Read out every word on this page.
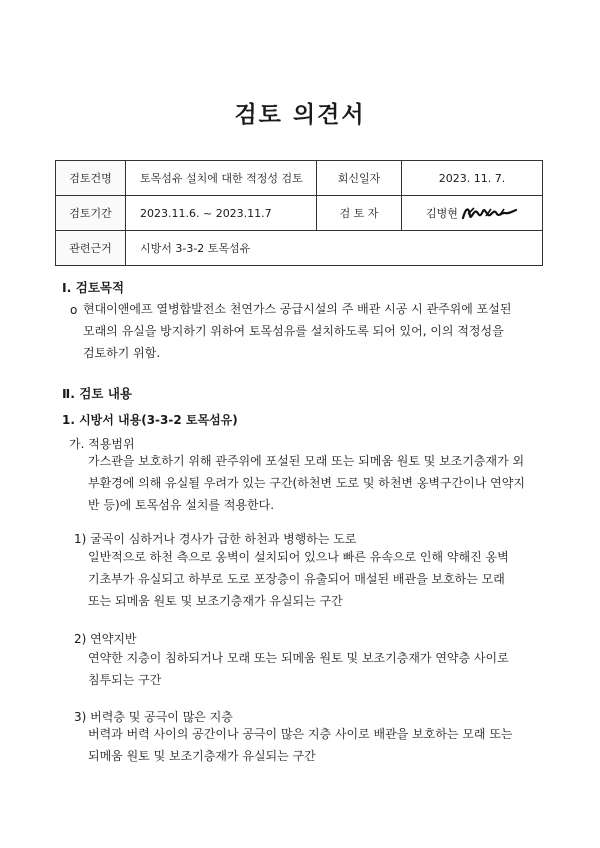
검토 의견서
검토건명	토목섬유 설치에 대한 적정성 검토	회신일자	2023. 11. 7.
검토기간	2023.11.6. ~ 2023.11.7	검 토 자	김병현

관련근거	시방서 3-3-2 토목섬유		
Ⅰ. 검토목적
o 현대이앤에프 열병합발전소 천연가스 공급시설의 주 배관 시공 시 관주위에 포설된
모래의 유실을 방지하기 위하여 토목섬유를 설치하도록 되어 있어, 이의 적정성을
검토하기 위함.
Ⅱ. 검토 내용
1. 시방서 내용(3-3-2 토목섬유)
가. 적용범위
가스관을 보호하기 위해 관주위에 포설된 모래 또는 되메움 원토 및 보조기층재가 외
부환경에 의해 유실될 우려가 있는 구간(하천변 도로 및 하천변 옹벽구간이나 연약지
반 등)에 토목섬유 설치를 적용한다.
1) 굴곡이 심하거나 경사가 급한 하천과 병행하는 도로
일반적으로 하천 측으로 옹벽이 설치되어 있으나 빠른 유속으로 인해 약해진 옹벽
기초부가 유실되고 하부로 도로 포장층이 유출되어 매설된 배관을 보호하는 모래
또는 되메움 원토 및 보조기층재가 유실되는 구간
2) 연약지반
연약한 지층이 침하되거나 모래 또는 되메움 원토 및 보조기층재가 연약층 사이로
침투되는 구간
3) 버력층 및 공극이 많은 지층
버력과 버력 사이의 공간이나 공극이 많은 지층 사이로 배관을 보호하는 모래 또는
되메움 원토 및 보조기층재가 유실되는 구간
